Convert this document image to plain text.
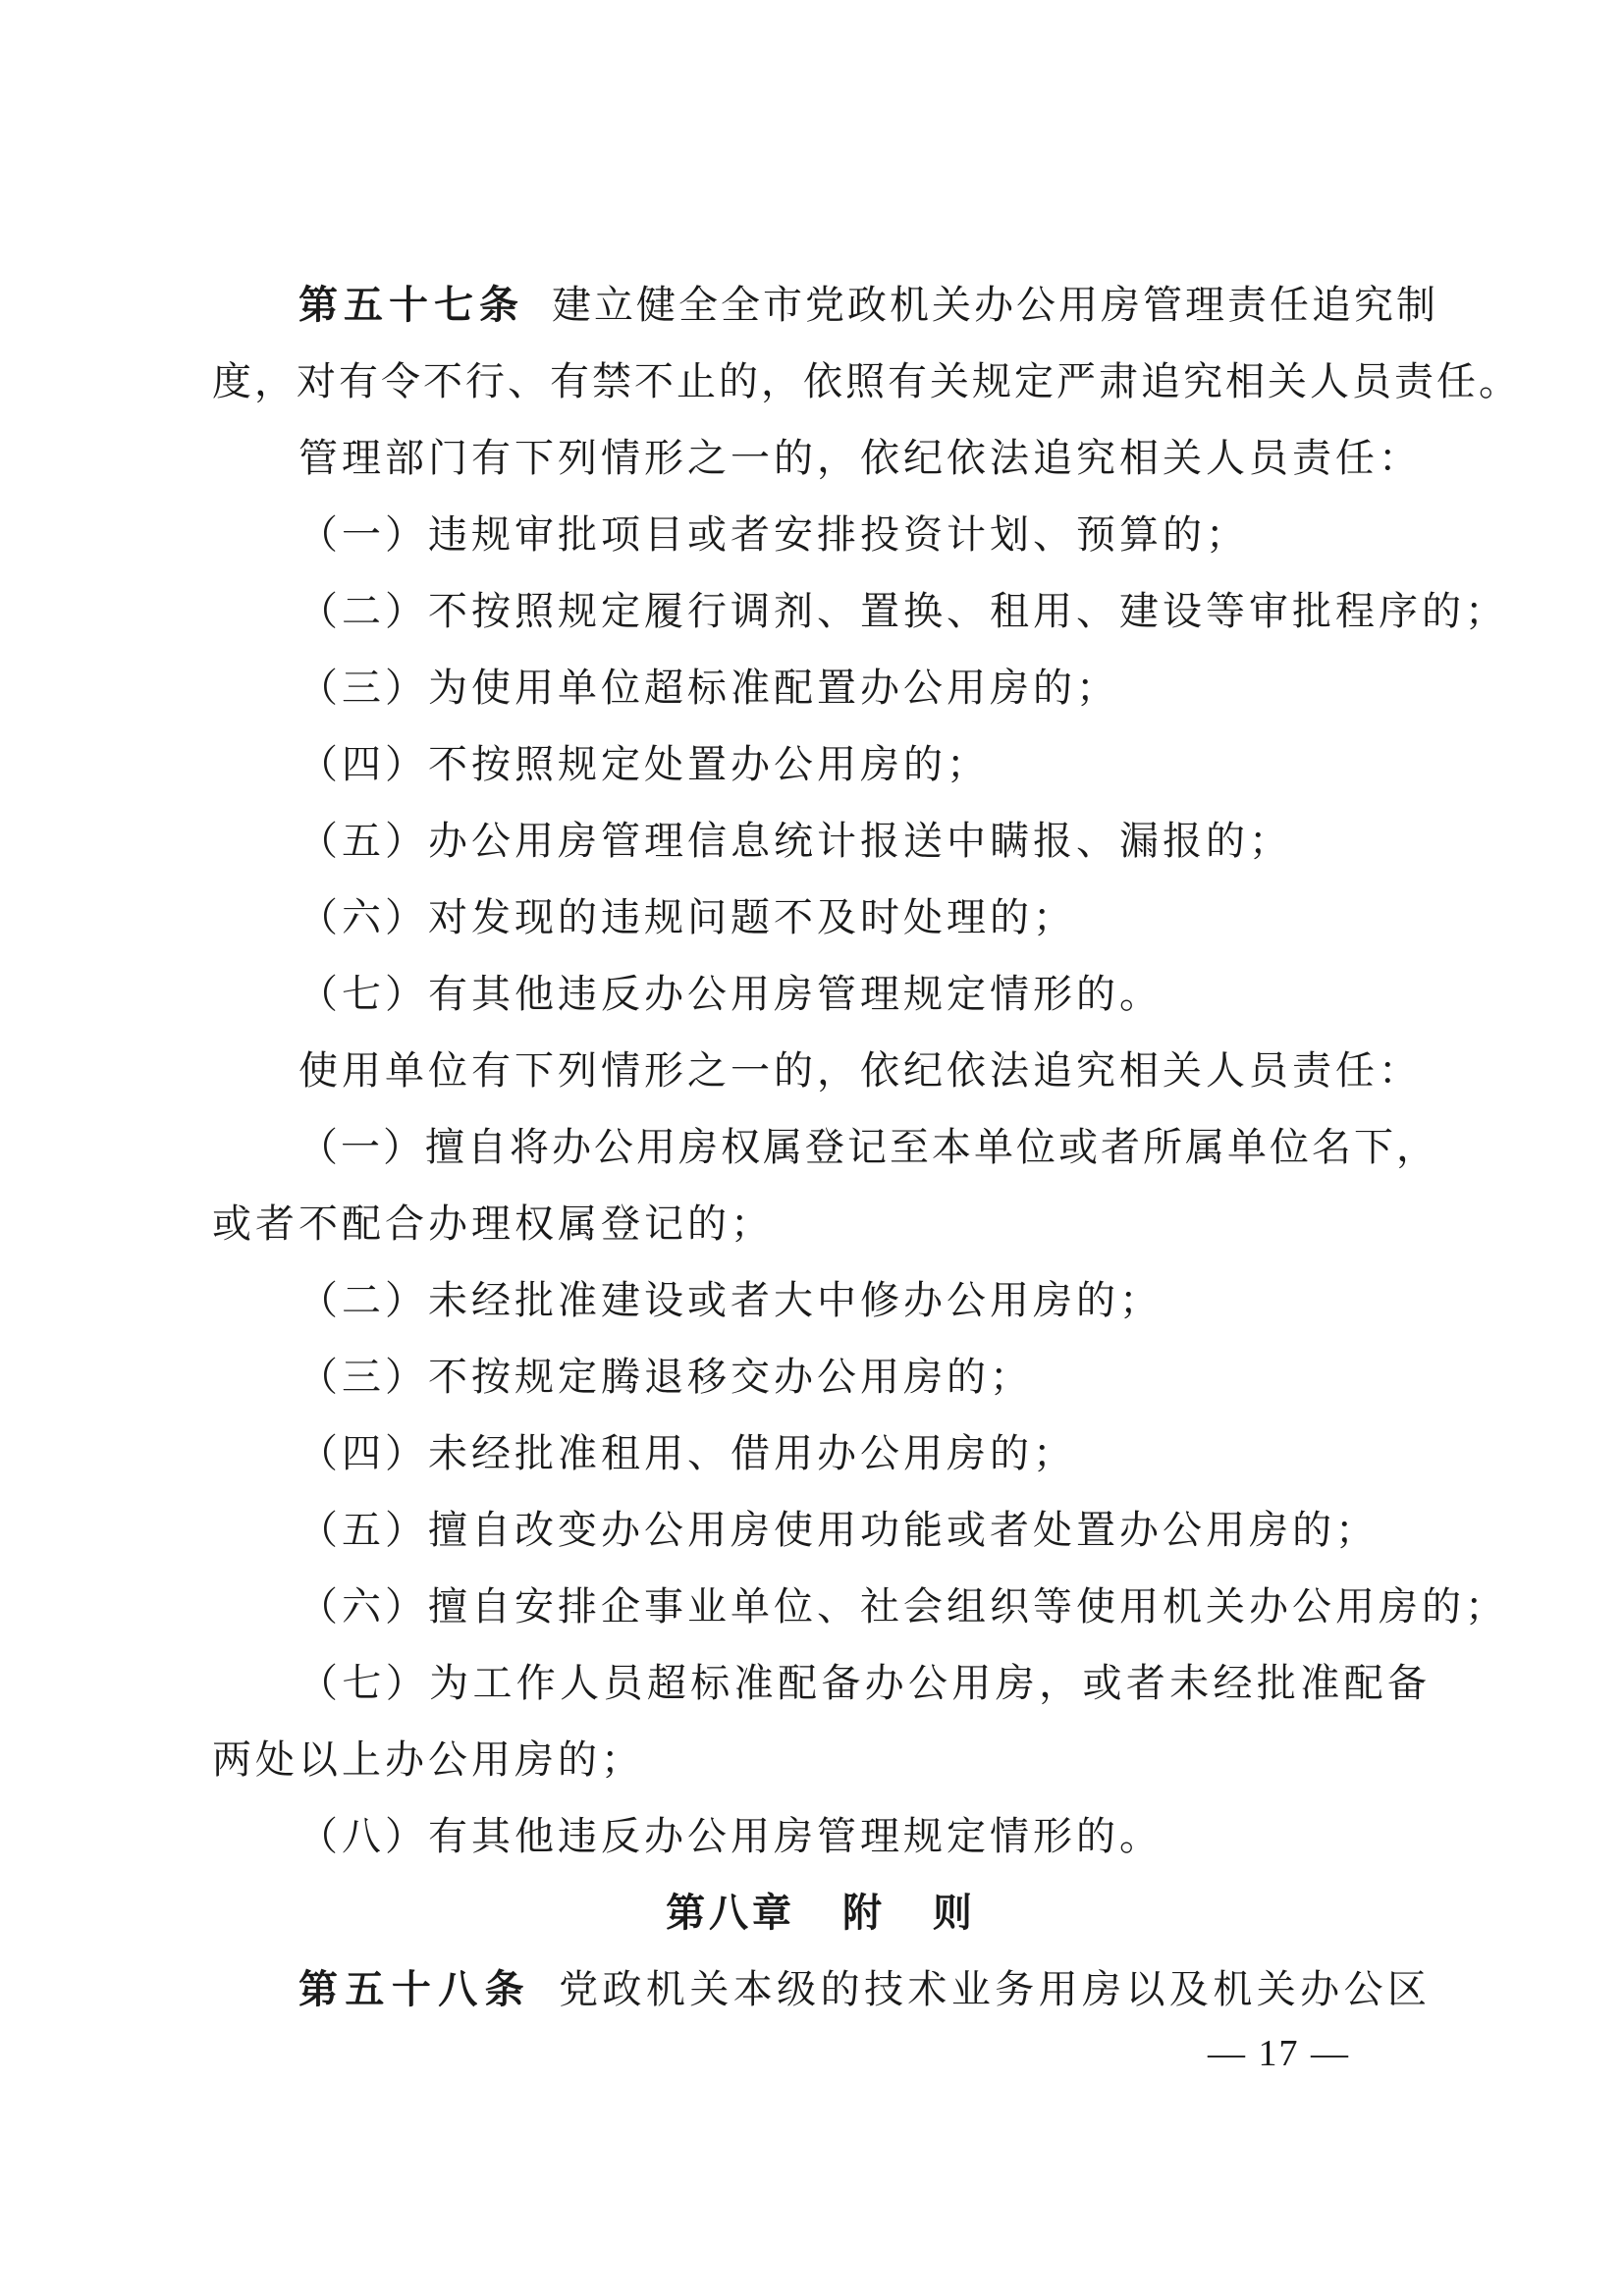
第五十七条 建立健全全市党政机关办公用房管理责任追究制
度，对有令不行、有禁不止的，依照有关规定严肃追究相关人员责任。
管理部门有下列情形之一的，依纪依法追究相关人员责任：
（一）违规审批项目或者安排投资计划、预算的；
（二）不按照规定履行调剂、置换、租用、建设等审批程序的；
（三）为使用单位超标准配置办公用房的；
（四）不按照规定处置办公用房的；
（五）办公用房管理信息统计报送中瞒报、漏报的；
（六）对发现的违规问题不及时处理的；
（七）有其他违反办公用房管理规定情形的。
使用单位有下列情形之一的，依纪依法追究相关人员责任：
（一）擅自将办公用房权属登记至本单位或者所属单位名下，
或者不配合办理权属登记的；
（二）未经批准建设或者大中修办公用房的；
（三）不按规定腾退移交办公用房的；
（四）未经批准租用、借用办公用房的；
（五）擅自改变办公用房使用功能或者处置办公用房的；
（六）擅自安排企事业单位、社会组织等使用机关办公用房的；
（七）为工作人员超标准配备办公用房，或者未经批准配备
两处以上办公用房的；
（八）有其他违反办公用房管理规定情形的。
第八章 附 则
第五十八条 党政机关本级的技术业务用房以及机关办公区
— 17 —
